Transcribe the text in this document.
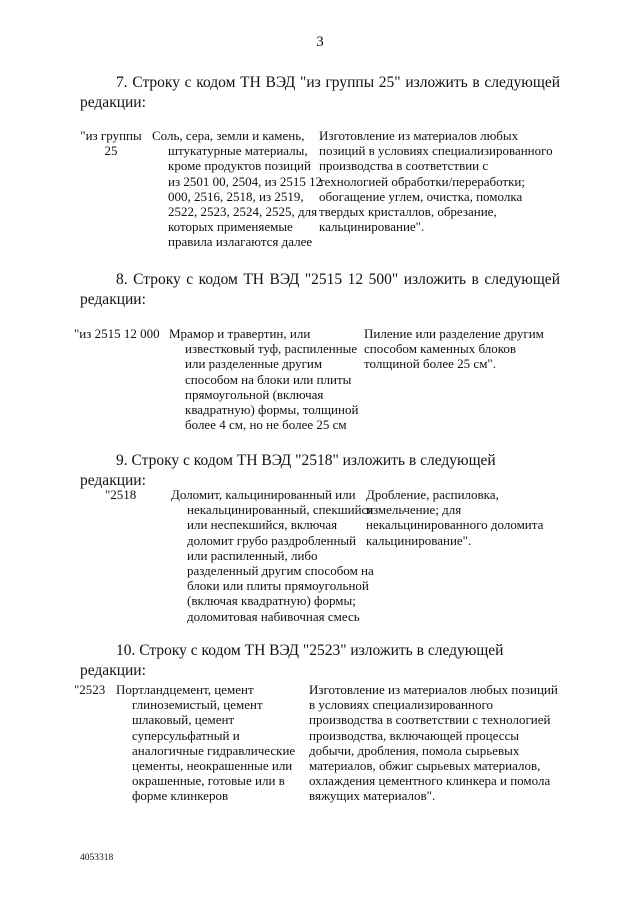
3
7. Строку с кодом ТН ВЭД "из группы 25" изложить в следующей
редакции:
"из группы 25
Соль, сера, земли и камень, штукатурные материалы, кроме продуктов позиций из 2501 00, 2504, из 2515 12 000, 2516, 2518, из 2519, 2522, 2523, 2524, 2525, для которых применяемые правила излагаются далее
Изготовление из материалов любых позиций в условиях специализированного производства в соответствии с технологией обработки/переработки; обогащение углем, очистка, помолка твердых кристаллов, обрезание, кальцинирование".
8. Строку с кодом ТН ВЭД "2515 12 500" изложить в следующей
редакции:
"из 2515 12 000 Мрамор и травертин, или известковый туф, распиленные или разделенные другим способом на блоки или плиты прямоугольной (включая квадратную) формы, толщиной более 4 см, но не более 25 см
Пиление или разделение другим способом каменных блоков толщиной более 25 см".
9. Строку с кодом ТН ВЭД "2518" изложить в следующей редакции:
"2518	Доломит, кальцинированный или некальцинированный, спекшийся или неспекшийся, включая доломит грубо раздробленный или распиленный, либо разделенный другим способом на блоки или плиты прямоугольной (включая квадратную) формы; доломитовая набивочная смесь
Дробление, распиловка, измельчение; для некальцинированного доломита кальцинирование".
10. Строку с кодом ТН ВЭД "2523" изложить в следующей редакции:
"2523 Портландцемент, цемент глиноземистый, цемент шлаковый, цемент суперсульфатный и аналогичные гидравлические цементы, неокрашенные или окрашенные, готовые или в форме клинкеров
Изготовление из материалов любых позиций в условиях специализированного производства в соответствии с технологией производства, включающей процессы добычи, дробления, помола сырьевых материалов, обжиг сырьевых материалов, охлаждения цементного клинкера и помола вяжущих материалов".
4053318
